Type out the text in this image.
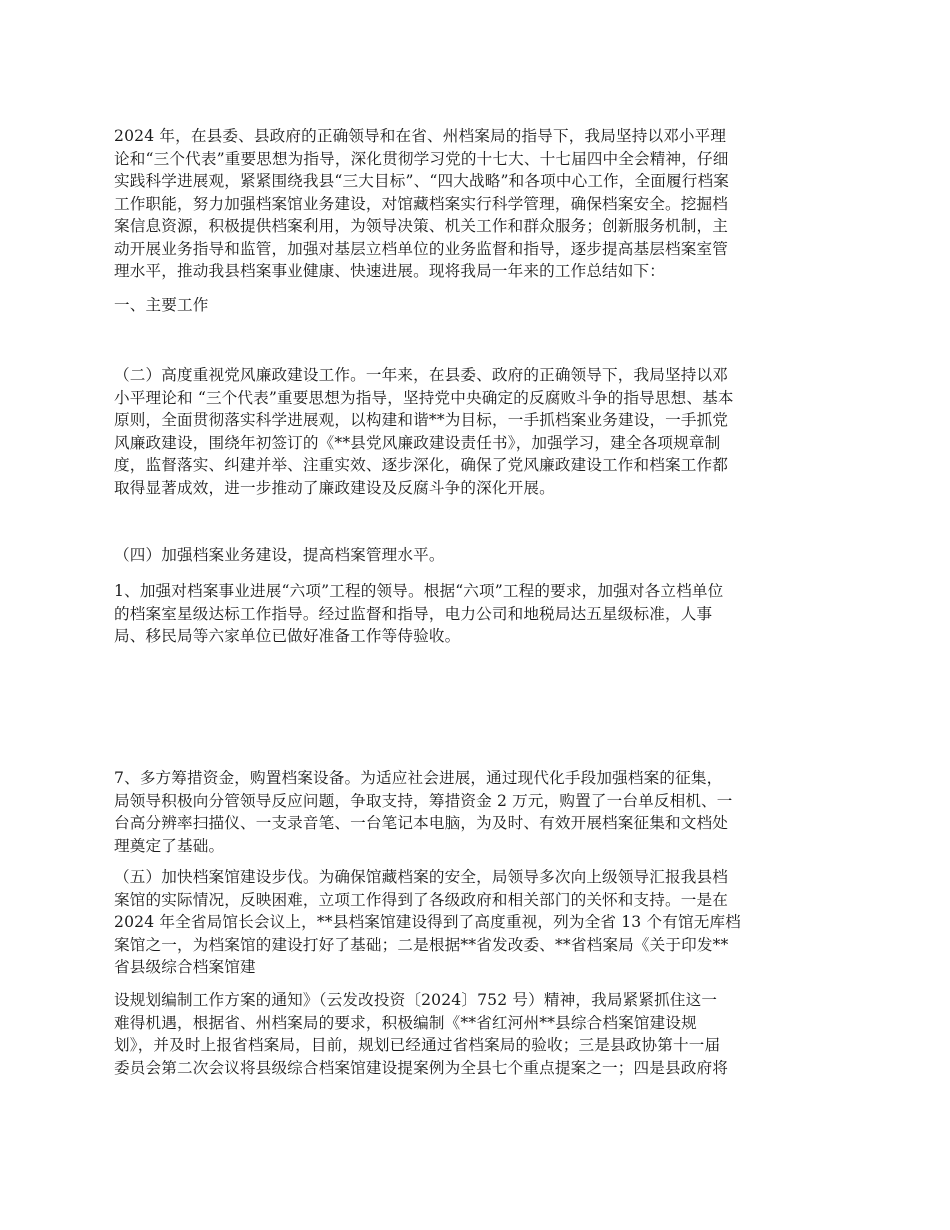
2024 年，在县委、县政府的正确领导和在省、州档案局的指导下，我局坚持以邓小平理
论和“三个代表”重要思想为指导，深化贯彻学习党的十七大、十七届四中全会精神，仔细
实践科学进展观，紧紧围绕我县“三大目标”、“四大战略”和各项中心工作，全面履行档案
工作职能，努力加强档案馆业务建设，对馆藏档案实行科学管理，确保档案安全。挖掘档
案信息资源，积极提供档案利用，为领导决策、机关工作和群众服务；创新服务机制，主
动开展业务指导和监管，加强对基层立档单位的业务监督和指导，逐步提高基层档案室管
理水平，推动我县档案事业健康、快速进展。现将我局一年来的工作总结如下：
一、主要工作
（二）高度重视党风廉政建设工作。一年来，在县委、政府的正确领导下，我局坚持以邓
小平理论和 “三个代表”重要思想为指导，坚持党中央确定的反腐败斗争的指导思想、基本
原则，全面贯彻落实科学进展观，以构建和谐**为目标，一手抓档案业务建设，一手抓党
风廉政建设，围绕年初签订的《**县党风廉政建设责任书》，加强学习，建全各项规章制
度，监督落实、纠建并举、注重实效、逐步深化，确保了党风廉政建设工作和档案工作都
取得显著成效，进一步推动了廉政建设及反腐斗争的深化开展。
（四）加强档案业务建设，提高档案管理水平。
1、加强对档案事业进展“六项”工程的领导。根据“六项”工程的要求，加强对各立档单位
的档案室星级达标工作指导。经过监督和指导，电力公司和地税局达五星级标准，人事
局、移民局等六家单位已做好准备工作等侍验收。
7、多方筹措资金，购置档案设备。为适应社会进展，通过现代化手段加强档案的征集，
局领导积极向分管领导反应问题，争取支持，筹措资金 2 万元，购置了一台单反相机、一
台高分辨率扫描仪、一支录音笔、一台笔记本电脑，为及时、有效开展档案征集和文档处
理奠定了基础。
（五）加快档案馆建设步伐。为确保馆藏档案的安全，局领导多次向上级领导汇报我县档
案馆的实际情况，反映困难，立项工作得到了各级政府和相关部门的关怀和支持。一是在
2024 年全省局馆长会议上，**县档案馆建设得到了高度重视，列为全省 13 个有馆无库档
案馆之一，为档案馆的建设打好了基础；二是根据**省发改委、**省档案局《关于印发**
省县级综合档案馆建
设规划编制工作方案的通知》（云发改投资〔2024〕752 号）精神，我局紧紧抓住这一
难得机遇，根据省、州档案局的要求，积极编制《**省红河州**县综合档案馆建设规
划》，并及时上报省档案局，目前，规划已经通过省档案局的验收；三是县政协第十一届
委员会第二次会议将县级综合档案馆建设提案例为全县七个重点提案之一；四是县政府将
